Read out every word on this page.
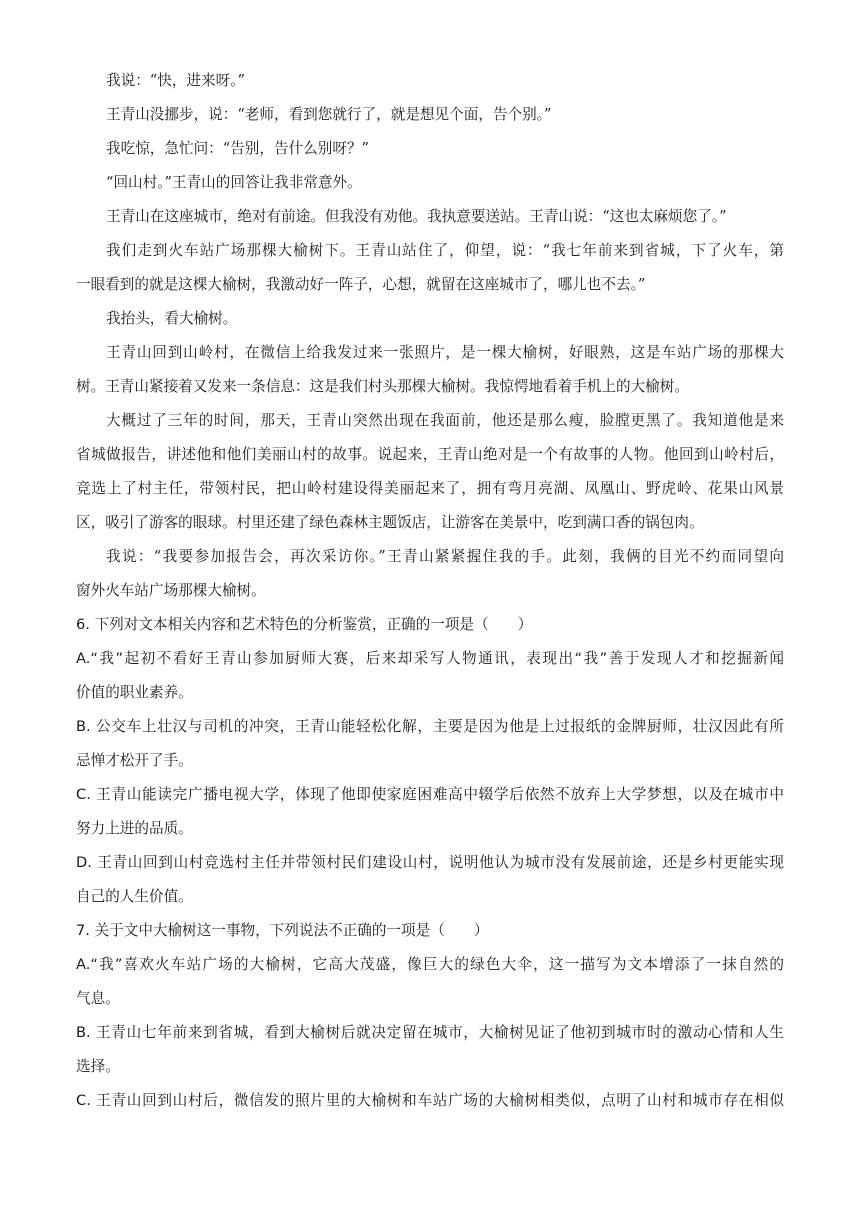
我说：“快，进来呀。”
王青山没挪步，说：“老师，看到您就行了，就是想见个面，告个别。”
我吃惊，急忙问：“告别，告什么别呀？”
“回山村。”王青山的回答让我非常意外。
王青山在这座城市，绝对有前途。但我没有劝他。我执意要送站。王青山说：“这也太麻烦您了。”
我们走到火车站广场那棵大榆树下。王青山站住了，仰望，说：“我七年前来到省城，下了火车，第
一眼看到的就是这棵大榆树，我激动好一阵子，心想，就留在这座城市了，哪儿也不去。”
我抬头，看大榆树。
王青山回到山岭村，在微信上给我发过来一张照片，是一棵大榆树，好眼熟，这是车站广场的那棵大
树。王青山紧接着又发来一条信息：这是我们村头那棵大榆树。我惊愕地看着手机上的大榆树。
大概过了三年的时间，那天，王青山突然出现在我面前，他还是那么瘦，脸膛更黑了。我知道他是来
省城做报告，讲述他和他们美丽山村的故事。说起来，王青山绝对是一个有故事的人物。他回到山岭村后，
竞选上了村主任，带领村民，把山岭村建设得美丽起来了，拥有弯月亮湖、凤凰山、野虎岭、花果山风景
区，吸引了游客的眼球。村里还建了绿色森林主题饭店，让游客在美景中，吃到满口香的锅包肉。
我说：“我要参加报告会，再次采访你。”王青山紧紧握住我的手。此刻，我俩的目光不约而同望向
窗外火车站广场那棵大榆树。
6. 下列对文本相关内容和艺术特色的分析鉴赏，正确的一项是（　　）
A.“我”起初不看好王青山参加厨师大赛，后来却采写人物通讯，表现出“我”善于发现人才和挖掘新闻
价值的职业素养。
B. 公交车上壮汉与司机的冲突，王青山能轻松化解，主要是因为他是上过报纸的金牌厨师，壮汉因此有所
忌惮才松开了手。
C. 王青山能读完广播电视大学，体现了他即使家庭困难高中辍学后依然不放弃上大学梦想，以及在城市中
努力上进的品质。
D. 王青山回到山村竞选村主任并带领村民们建设山村，说明他认为城市没有发展前途，还是乡村更能实现
自己的人生价值。
7. 关于文中大榆树这一事物，下列说法不正确的一项是（　　）
A.“我”喜欢火车站广场的大榆树，它高大茂盛，像巨大的绿色大伞，这一描写为文本增添了一抹自然的
气息。
B. 王青山七年前来到省城，看到大榆树后就决定留在城市，大榆树见证了他初到城市时的激动心情和人生
选择。
C. 王青山回到山村后，微信发的照片里的大榆树和车站广场的大榆树相类似，点明了山村和城市存在相似
